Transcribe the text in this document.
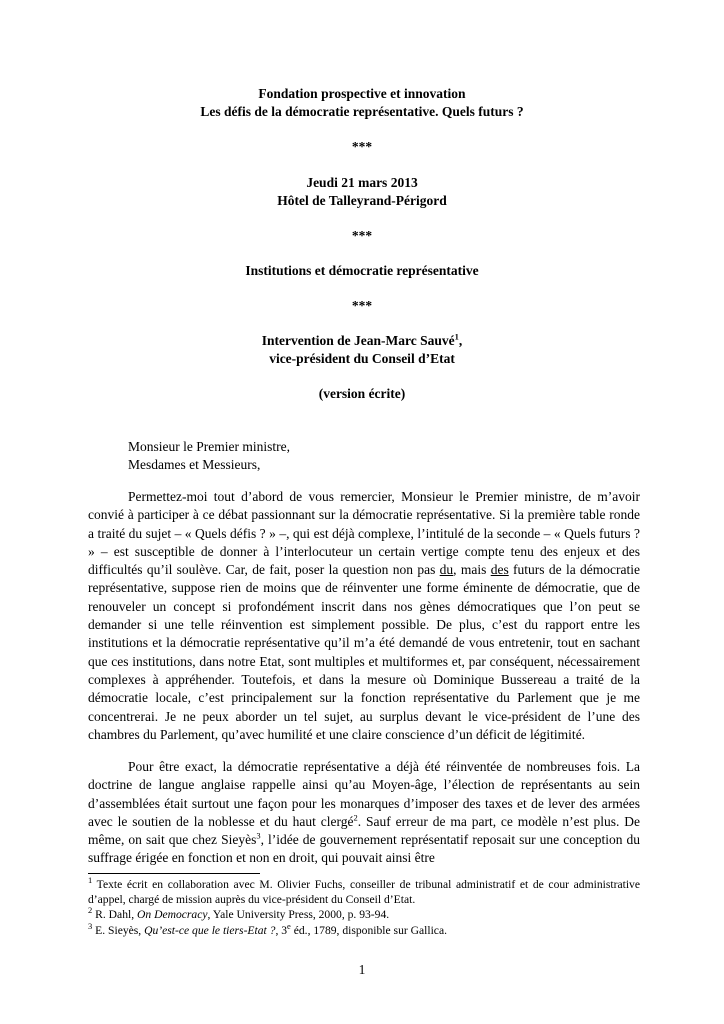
Fondation prospective et innovation
Les défis de la démocratie représentative. Quels futurs ?
***
Jeudi 21 mars 2013
Hôtel de Talleyrand-Périgord
***
Institutions et démocratie représentative
***
Intervention de Jean-Marc Sauvé$^1$,
vice-président du Conseil d’Etat
(version écrite)
Monsieur le Premier ministre,
Mesdames et Messieurs,

Permettez-moi tout d’abord de vous remercier, Monsieur le Premier ministre, de m’avoir convié à participer à ce débat passionnant sur la démocratie représentative. Si la première table ronde a traité du sujet – « Quels défis ? » –, qui est déjà complexe, l’intitulé de la seconde – « Quels futurs ? » – est susceptible de donner à l’interlocuteur un certain vertige compte tenu des enjeux et des difficultés qu’il soulève. Car, de fait, poser la question non pas du, mais des futurs de la démocratie représentative, suppose rien de moins que de réinventer une forme éminente de démocratie, que de renouveler un concept si profondément inscrit dans nos gènes démocratiques que l’on peut se demander si une telle réinvention est simplement possible. De plus, c’est du rapport entre les institutions et la démocratie représentative qu’il m’a été demandé de vous entretenir, tout en sachant que ces institutions, dans notre Etat, sont multiples et multiformes et, par conséquent, nécessairement complexes à appréhender. Toutefois, et dans la mesure où Dominique Bussereau a traité de la démocratie locale, c’est principalement sur la fonction représentative du Parlement que je me concentrerai. Je ne peux aborder un tel sujet, au surplus devant le vice-président de l’une des chambres du Parlement, qu’avec humilité et une claire conscience d’un déficit de légitimité.

Pour être exact, la démocratie représentative a déjà été réinventée de nombreuses fois. La doctrine de langue anglaise rappelle ainsi qu’au Moyen-âge, l’élection de représentants au sein d’assemblées était surtout une façon pour les monarques d’imposer des taxes et de lever des armées avec le soutien de la noblesse et du haut clergé$^2$. Sauf erreur de ma part, ce modèle n’est plus. De même, on sait que chez Sieyès$^3$, l’idée de gouvernement représentatif reposait sur une conception du suffrage érigée en fonction et non en droit, qui pouvait ainsi être

$^1$ Texte écrit en collaboration avec M. Olivier Fuchs, conseiller de tribunal administratif et de cour administrative d’appel, chargé de mission auprès du vice-président du Conseil d’Etat.
$^2$ R. Dahl, On Democracy, Yale University Press, 2000, p. 93-94.
$^3$ E. Sieyès, Qu’est-ce que le tiers-Etat ?, 3e éd., 1789, disponible sur Gallica.
1
